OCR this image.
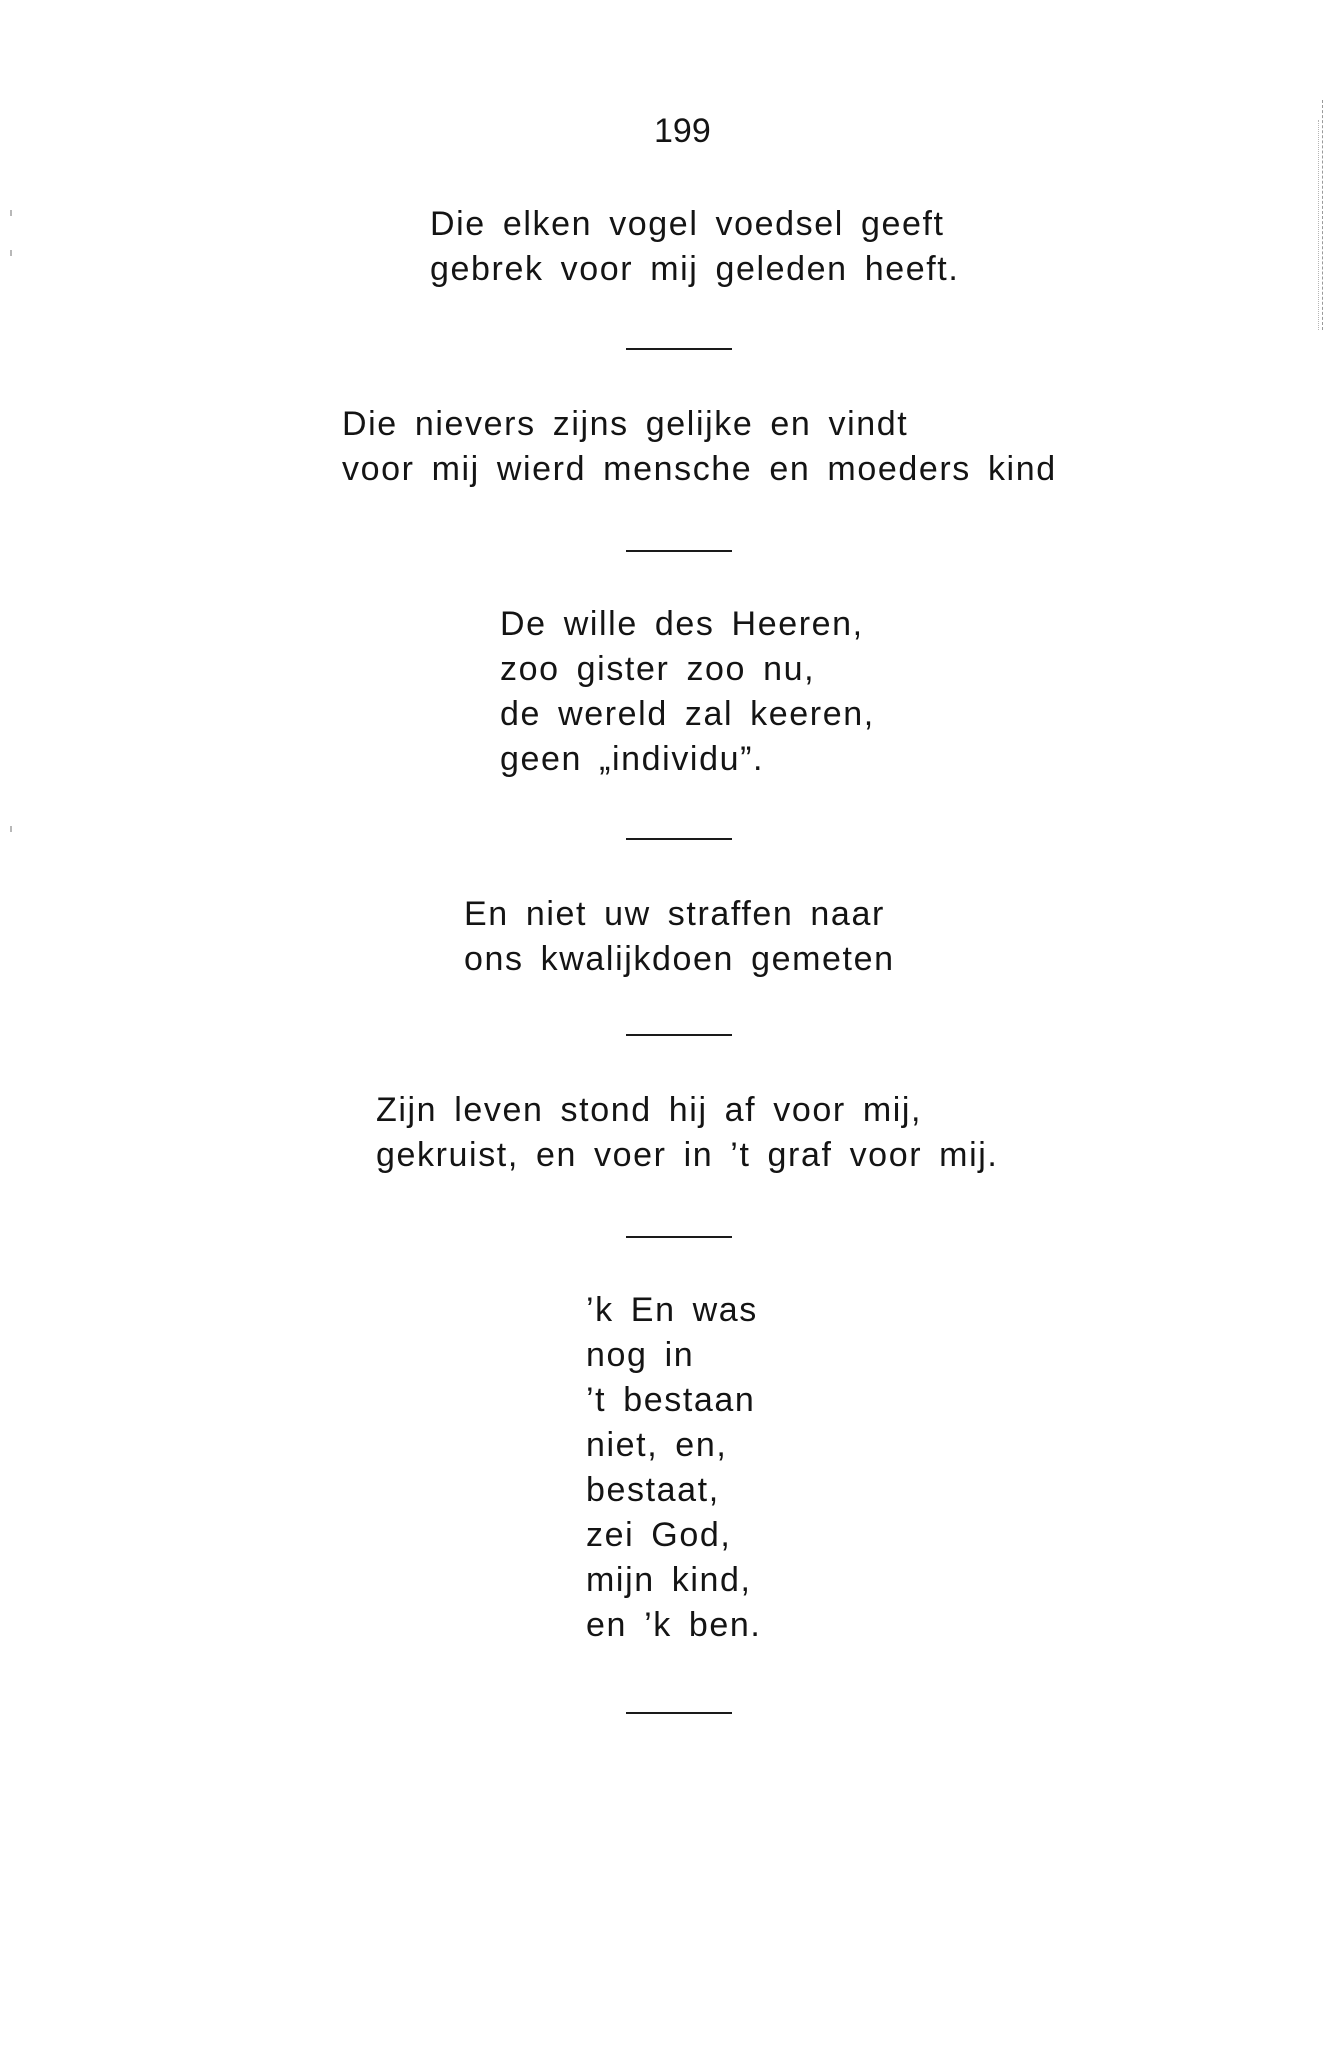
199
Die elken vogel voedsel geeft
gebrek voor mij geleden heeft.
Die nievers zijns gelijke en vindt
voor mij wierd mensche en moeders kind
De wille des Heeren,
zoo gister zoo nu,
de wereld zal keeren,
geen „individu”.
En niet uw straffen naar
ons kwalijkdoen gemeten
Zijn leven stond hij af voor mij,
gekruist, en voer in ’t graf voor mij.
’k En was
nog in
’t bestaan
niet, en,
bestaat,
zei God,
mijn kind,
en ’k ben.
